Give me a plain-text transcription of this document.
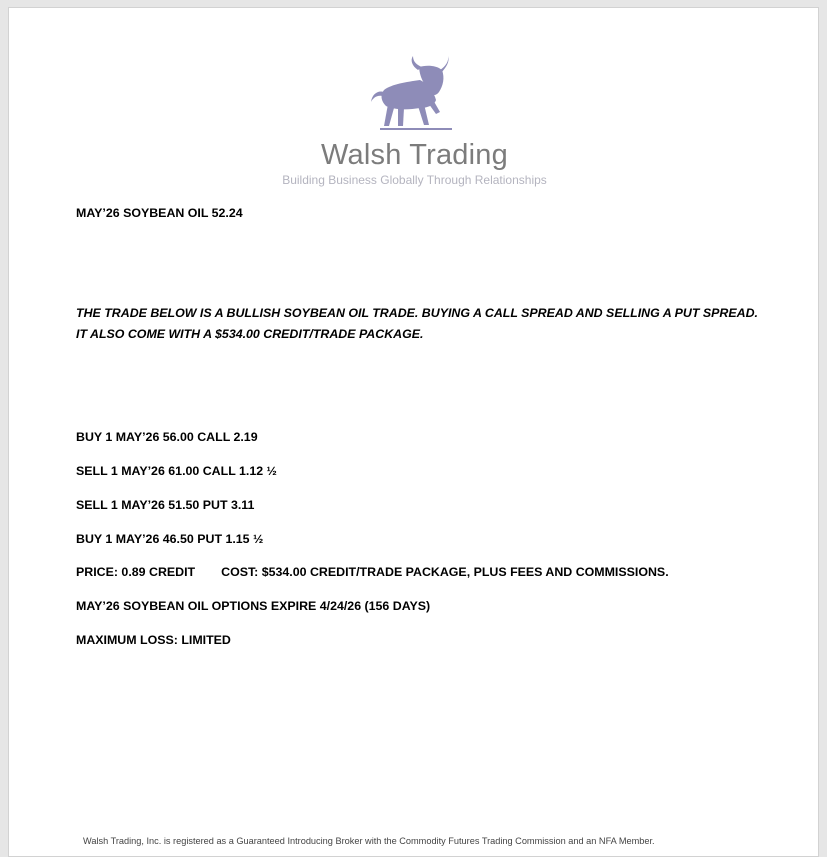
Walsh Trading
Building Business Globally Through Relationships
MAY’26 SOYBEAN OIL 52.24
THE TRADE BELOW IS A BULLISH SOYBEAN OIL TRADE. BUYING A CALL SPREAD AND SELLING A PUT SPREAD. IT ALSO COME WITH A $534.00 CREDIT/TRADE PACKAGE.
BUY 1 MAY’26 56.00 CALL 2.19
SELL 1 MAY’26 61.00 CALL 1.12 ½
SELL 1 MAY’26 51.50 PUT 3.11
BUY 1 MAY’26 46.50 PUT 1.15 ½
PRICE: 0.89 CREDIT COST: $534.00 CREDIT/TRADE PACKAGE, PLUS FEES AND COMMISSIONS.
MAY’26 SOYBEAN OIL OPTIONS EXPIRE 4/24/26 (156 DAYS)
MAXIMUM LOSS: LIMITED
Walsh Trading, Inc. is registered as a Guaranteed Introducing Broker with the Commodity Futures Trading Commission and an NFA Member.
